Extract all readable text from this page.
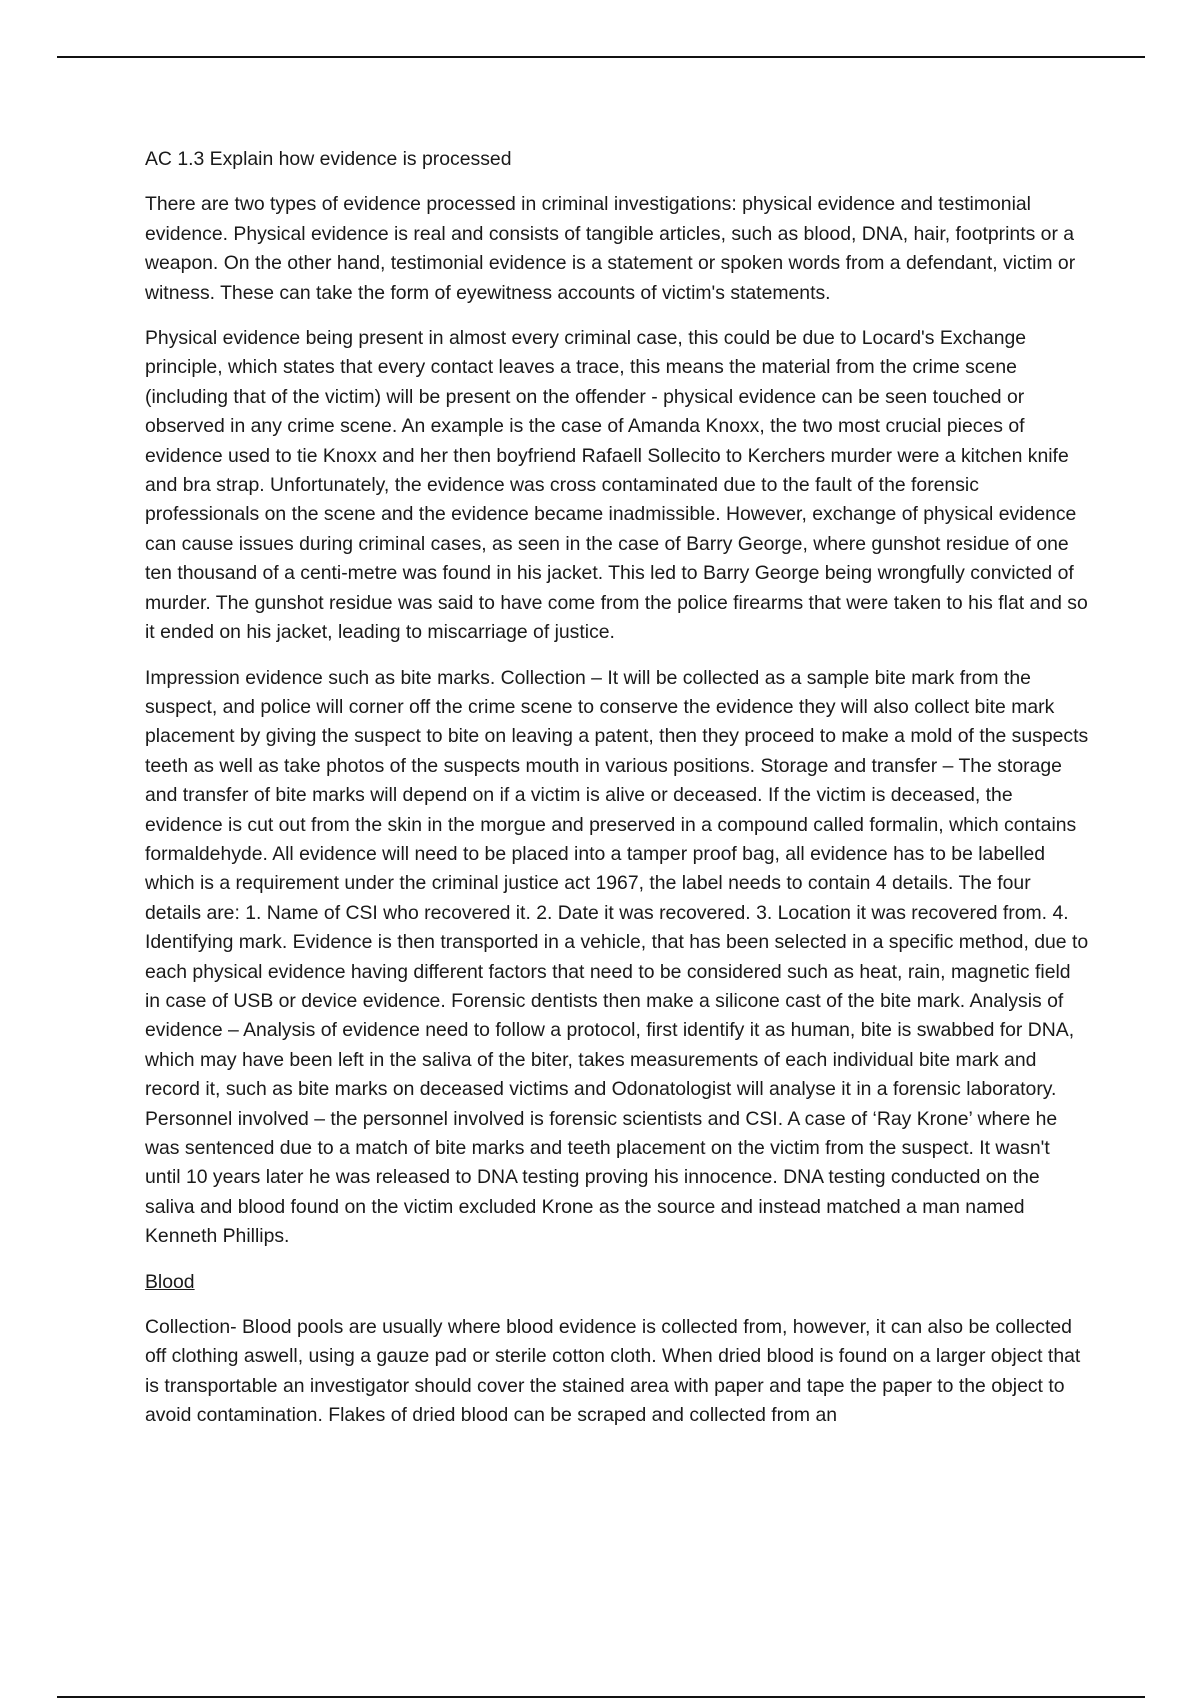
AC 1.3 Explain how evidence is processed

There are two types of evidence processed in criminal investigations: physical evidence and testimonial evidence. Physical evidence is real and consists of tangible articles, such as blood, DNA, hair, footprints or a weapon. On the other hand, testimonial evidence is a statement or spoken words from a defendant, victim or witness. These can take the form of eyewitness accounts of victim's statements.

Physical evidence being present in almost every criminal case, this could be due to Locard's Exchange principle, which states that every contact leaves a trace, this means the material from the crime scene (including that of the victim) will be present on the offender - physical evidence can be seen touched or observed in any crime scene. An example is the case of Amanda Knoxx, the two most crucial pieces of evidence used to tie Knoxx and her then boyfriend Rafaell Sollecito to Kerchers murder were a kitchen knife and bra strap. Unfortunately, the evidence was cross contaminated due to the fault of the forensic professionals on the scene and the evidence became inadmissible. However, exchange of physical evidence can cause issues during criminal cases, as seen in the case of Barry George, where gunshot residue of one ten thousand of a centi-metre was found in his jacket. This led to Barry George being wrongfully convicted of murder. The gunshot residue was said to have come from the police firearms that were taken to his flat and so it ended on his jacket, leading to miscarriage of justice.

Impression evidence such as bite marks. Collection – It will be collected as a sample bite mark from the suspect, and police will corner off the crime scene to conserve the evidence they will also collect bite mark placement by giving the suspect to bite on leaving a patent, then they proceed to make a mold of the suspects teeth as well as take photos of the suspects mouth in various positions. Storage and transfer – The storage and transfer of bite marks will depend on if a victim is alive or deceased. If the victim is deceased, the evidence is cut out from the skin in the morgue and preserved in a compound called formalin, which contains formaldehyde. All evidence will need to be placed into a tamper proof bag, all evidence has to be labelled which is a requirement under the criminal justice act 1967, the label needs to contain 4 details. The four details are: 1. Name of CSI who recovered it. 2. Date it was recovered. 3. Location it was recovered from. 4. Identifying mark. Evidence is then transported in a vehicle, that has been selected in a specific method, due to each physical evidence having different factors that need to be considered such as heat, rain, magnetic field in case of USB or device evidence. Forensic dentists then make a silicone cast of the bite mark. Analysis of evidence – Analysis of evidence need to follow a protocol, first identify it as human, bite is swabbed for DNA, which may have been left in the saliva of the biter, takes measurements of each individual bite mark and record it, such as bite marks on deceased victims and Odonatologist will analyse it in a forensic laboratory. Personnel involved – the personnel involved is forensic scientists and CSI. A case of ‘Ray Krone’ where he was sentenced due to a match of bite marks and teeth placement on the victim from the suspect. It wasn't until 10 years later he was released to DNA testing proving his innocence. DNA testing conducted on the saliva and blood found on the victim excluded Krone as the source and instead matched a man named Kenneth Phillips.

Blood

Collection- Blood pools are usually where blood evidence is collected from, however, it can also be collected off clothing aswell, using a gauze pad or sterile cotton cloth. When dried blood is found on a larger object that is transportable an investigator should cover the stained area with paper and tape the paper to the object to avoid contamination. Flakes of dried blood can be scraped and collected from an
